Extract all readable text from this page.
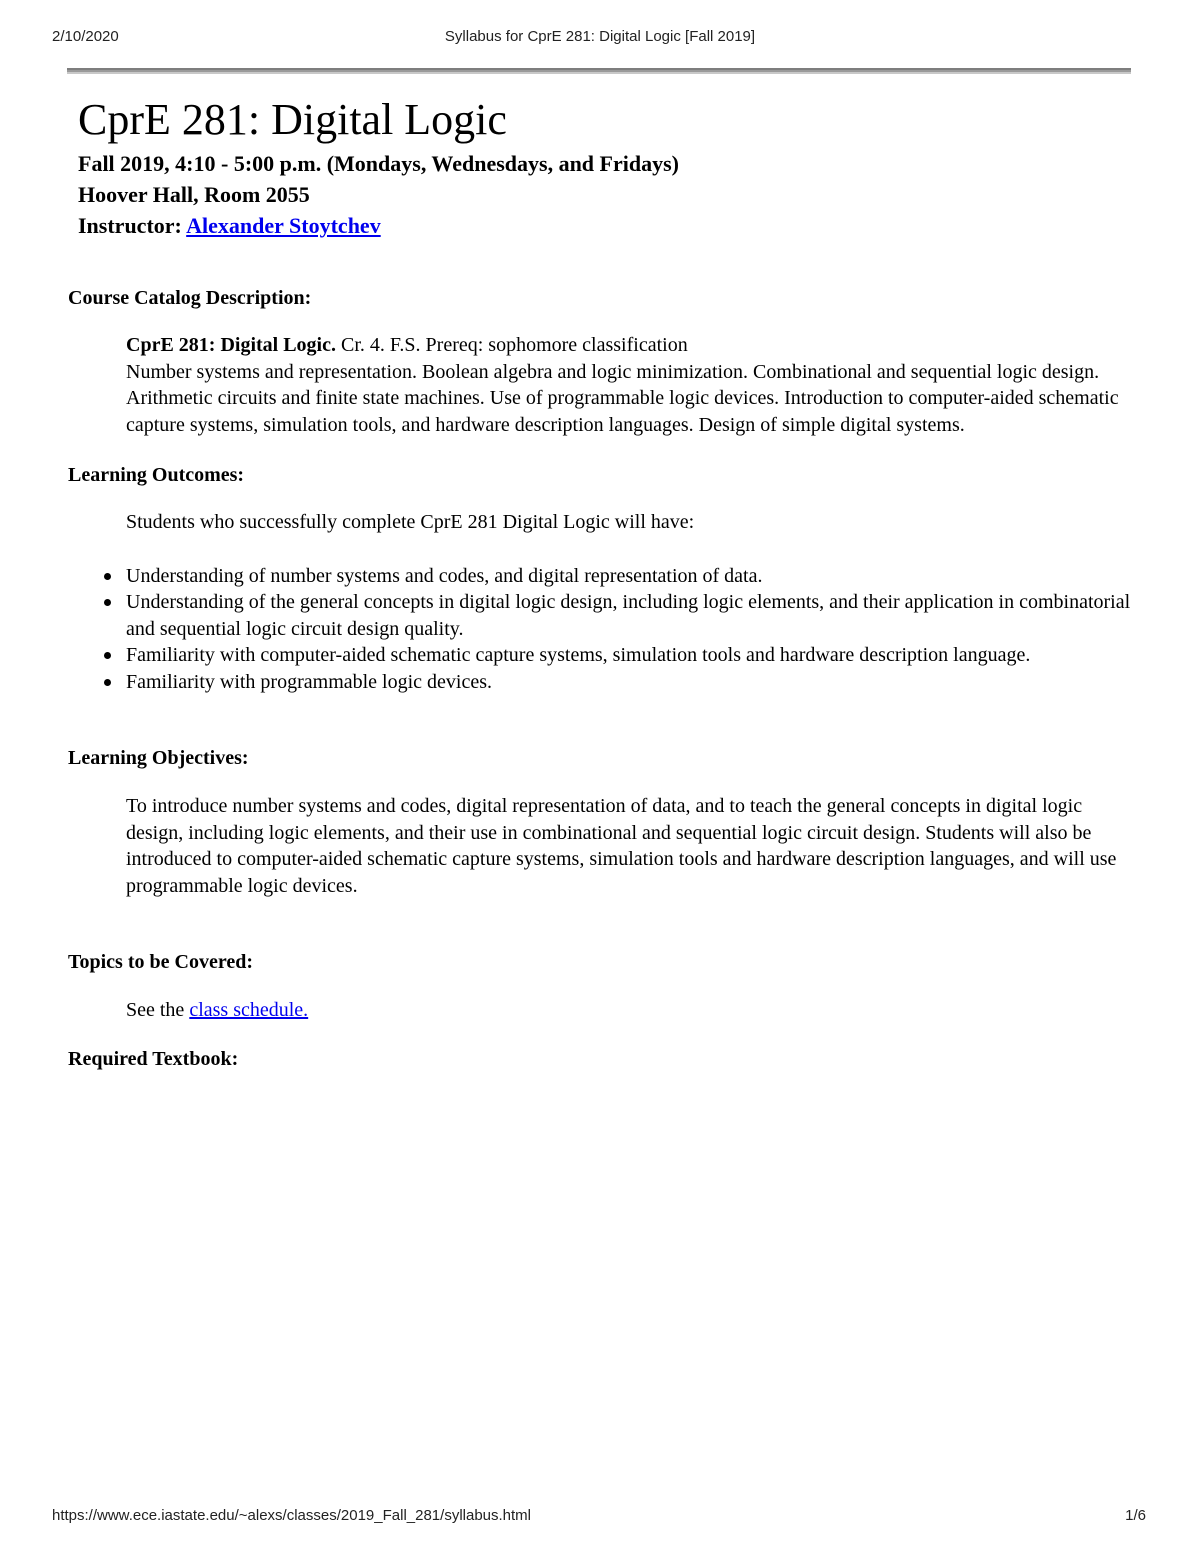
2/10/2020	Syllabus for CprE 281: Digital Logic [Fall 2019]
CprE 281: Digital Logic
Fall 2019, 4:10 - 5:00 p.m. (Mondays, Wednesdays, and Fridays)
Hoover Hall, Room 2055
Instructor: Alexander Stoytchev
Course Catalog Description:
CprE 281: Digital Logic. Cr. 4. F.S. Prereq: sophomore classification
Number systems and representation. Boolean algebra and logic minimization. Combinational and sequential logic design. Arithmetic circuits and finite state machines. Use of programmable logic devices. Introduction to computer-aided schematic capture systems, simulation tools, and hardware description languages. Design of simple digital systems.
Learning Outcomes:
Students who successfully complete CprE 281 Digital Logic will have:
Understanding of number systems and codes, and digital representation of data.
Understanding of the general concepts in digital logic design, including logic elements, and their application in combinatorial and sequential logic circuit design quality.
Familiarity with computer-aided schematic capture systems, simulation tools and hardware description language.
Familiarity with programmable logic devices.
Learning Objectives:
To introduce number systems and codes, digital representation of data, and to teach the general concepts in digital logic design, including logic elements, and their use in combinational and sequential logic circuit design. Students will also be introduced to computer-aided schematic capture systems, simulation tools and hardware description languages, and will use programmable logic devices.
Topics to be Covered:
See the class schedule.
Required Textbook:
https://www.ece.iastate.edu/~alexs/classes/2019_Fall_281/syllabus.html	1/6
